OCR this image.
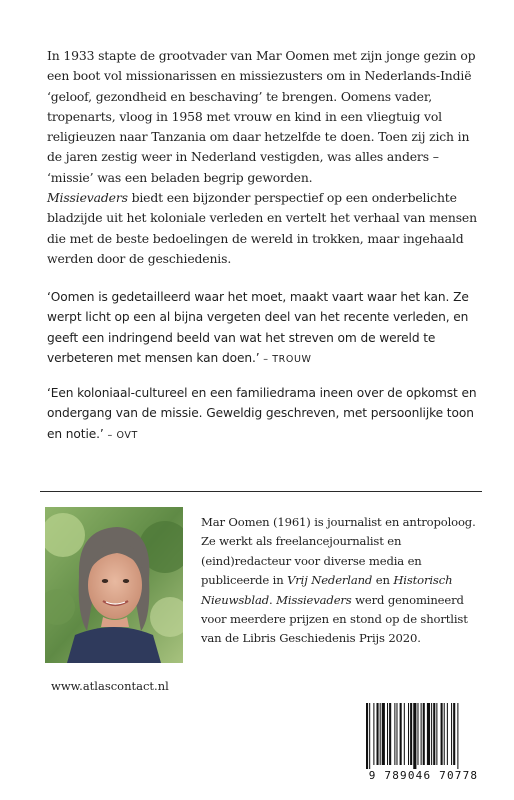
In 1933 stapte de grootvader van Mar Oomen met zijn jonge gezin op een boot vol missionarissen en missiezusters om in Nederlands-Indië ‘geloof, gezondheid en beschaving’ te brengen. Oomens vader, tropenarts, vloog in 1958 met vrouw en kind in een vliegtuig vol religieuzen naar Tanzania om daar hetzelfde te doen. Toen zij zich in de jaren zestig weer in Nederland vestigden, was alles anders – ‘missie’ was een beladen begrip geworden.

Missievaders biedt een bijzonder perspectief op een onderbelichte bladzijde uit het koloniale verleden en vertelt het verhaal van mensen die met de beste bedoelingen de wereld in trokken, maar ingehaald werden door de geschiedenis.

‘Oomen is gedetailleerd waar het moet, maakt vaart waar het kan. Ze werpt licht op een al bijna vergeten deel van het recente verleden, en geeft een indringend beeld van wat het streven om de wereld te verbeteren met mensen kan doen.’ – TROUW
‘Een koloniaal-cultureel en een familiedrama ineen over de opkomst en ondergang van de missie. Geweldig geschreven, met persoonlijke toon en notie.’ – OVT
Mar Oomen (1961) is journalist en antropoloog. Ze werkt als freelancejournalist en (eind)redacteur voor diverse media en publiceerde in Vrij Nederland en Historisch Nieuwsblad. Missievaders werd genomineerd voor meerdere prijzen en stond op de shortlist van de Libris Geschiedenis Prijs 2020.
www.atlascontact.nl
9 789046 70778
